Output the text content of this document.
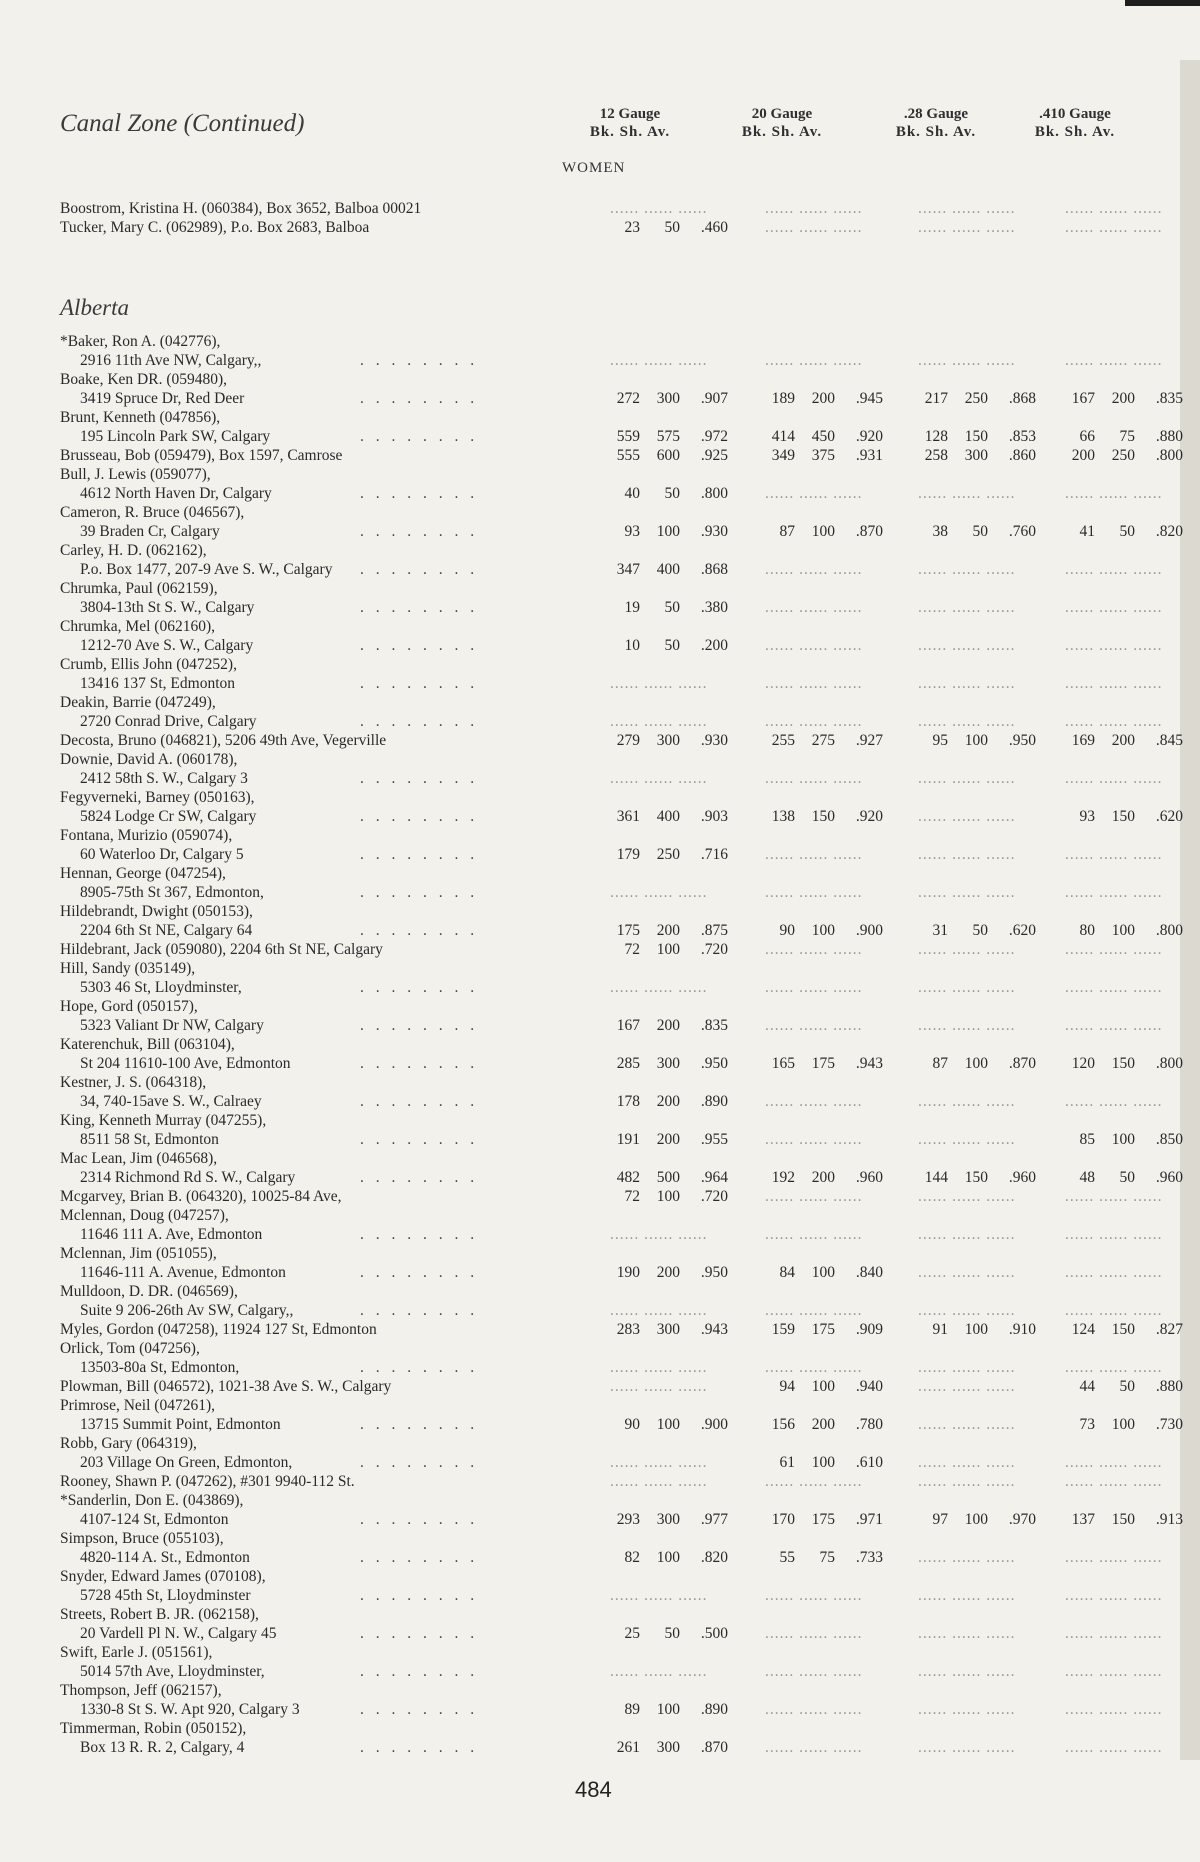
Canal Zone (Continued)	12 Gauge
Bk. Sh. Av.
20 Gauge
Bk. Sh. Av.
.28 Gauge
Bk. Sh. Av.
.410 Gauge
Bk. Sh. Av.
WOMEN
Boostrom, Kristina H. (060384), Box 3652, Balboa 00021	...... ...... ......	...... ...... ......	...... ...... ......	...... ...... ......
Tucker, Mary C. (062989), P.o. Box 2683, Balboa	23 50 .460	...... ...... ......	...... ...... ......	...... ...... ......
Alberta
*Baker, Ron A. (042776),
2916 11th Ave NW, Calgary,,	. . . . . . . .	...... ...... ......	...... ...... ......	...... ...... ......	...... ...... ......
Boake, Ken DR. (059480),
3419 Spruce Dr, Red Deer	. . . . . . . .	272 300 .907	189 200 .945	217 250 .868	167 200 .835
Brunt, Kenneth (047856),
195 Lincoln Park SW, Calgary	. . . . . . . .	559 575 .972	414 450 .920	128 150 .853	66 75 .880
Brusseau, Bob (059479), Box 1597, Camrose	555 600 .925	349 375 .931	258 300 .860	200 250 .800
Bull, J. Lewis (059077),
4612 North Haven Dr, Calgary	. . . . . . . .	40 50 .800	...... ...... ......	...... ...... ......	...... ...... ......
Cameron, R. Bruce (046567),
39 Braden Cr, Calgary	. . . . . . . .	93 100 .930	87 100 .870	38 50 .760	41 50 .820
Carley, H. D. (062162),
P.o. Box 1477, 207-9 Ave S. W., Calgary . . . . . . . .	347 400 .868	...... ...... ......	...... ...... ......	...... ...... ......
Chrumka, Paul (062159),
3804-13th St S. W., Calgary	. . . . . . . .	19 50 .380	...... ...... ......	...... ...... ......	...... ...... ......
Chrumka, Mel (062160),
1212-70 Ave S. W., Calgary	. . . . . . . .	10 50 .200	...... ...... ......	...... ...... ......	...... ...... ......
Crumb, Ellis John (047252),
13416 137 St, Edmonton	. . . . . . . .	...... ...... ......	...... ...... ......	...... ...... ......	...... ...... ......
Deakin, Barrie (047249),
2720 Conrad Drive, Calgary	. . . . . . . .	...... ...... ......	...... ...... ......	...... ...... ......	...... ...... ......
Decosta, Bruno (046821), 5206 49th Ave, Vegerville	279 300 .930	255 275 .927	95 100 .950	169 200 .845
Downie, David A. (060178),
2412 58th S. W., Calgary 3	. . . . . . . .	...... ...... ......	...... ...... ......	...... ...... ......	...... ...... ......
Fegyverneki, Barney (050163),
5824 Lodge Cr SW, Calgary	. . . . . . . .	361 400 .903	138 150 .920	...... ...... ......	93 150 .620
Fontana, Murizio (059074),
60 Waterloo Dr, Calgary 5	. . . . . . . .	179 250 .716	...... ...... ......	...... ...... ......	...... ...... ......
Hennan, George (047254),
8905-75th St 367, Edmonton,	. . . . . . . .	...... ...... ......	...... ...... ......	...... ...... ......	...... ...... ......
Hildebrandt, Dwight (050153),
2204 6th St NE, Calgary 64	. . . . . . . .	175 200 .875	90 100 .900	31 50 .620	80 100 .800
Hildebrant, Jack (059080), 2204 6th St NE, Calgary	72 100 .720	...... ...... ......	...... ...... ......	...... ...... ......
Hill, Sandy (035149),
5303 46 St, Lloydminster,	. . . . . . . .	...... ...... ......	...... ...... ......	...... ...... ......	...... ...... ......
Hope, Gord (050157),
5323 Valiant Dr NW, Calgary	. . . . . . . .	167 200 .835	...... ...... ......	...... ...... ......	...... ...... ......
Katerenchuk, Bill (063104),
St 204 11610-100 Ave, Edmonton	. . . . . . . .	285 300 .950	165 175 .943	87 100 .870	120 150 .800
Kestner, J. S. (064318),
34, 740-15ave S. W., Calraey	. . . . . . . .	178 200 .890	...... ...... ......	...... ...... ......	...... ...... ......
King, Kenneth Murray (047255),
8511 58 St, Edmonton	. . . . . . . .	191 200 .955	...... ...... ......	...... ...... ......	85 100 .850
Mac Lean, Jim (046568),
2314 Richmond Rd S. W., Calgary	. . . . . . . .	482 500 .964	192 200 .960	144 150 .960	48 50 .960
Mcgarvey, Brian B. (064320), 10025-84 Ave,	72 100 .720	...... ...... ......	...... ...... ......	...... ...... ......
Mclennan, Doug (047257),
11646 111 A. Ave, Edmonton	. . . . . . . .	...... ...... ......	...... ...... ......	...... ...... ......	...... ...... ......
Mclennan, Jim (051055),
11646-111 A. Avenue, Edmonton	. . . . . . . .	190 200 .950	84 100 .840	...... ...... ......	...... ...... ......
Mulldoon, D. DR. (046569),
Suite 9 206-26th Av SW, Calgary,,	. . . . . . . .	...... ...... ......	...... ...... ......	...... ...... ......	...... ...... ......
Myles, Gordon (047258), 11924 127 St, Edmonton	283 300 .943	159 175 .909	91 100 .910	124 150 .827
Orlick, Tom (047256),
13503-80a St, Edmonton,	. . . . . . . .	...... ...... ......	...... ...... ......	...... ...... ......	...... ...... ......
Plowman, Bill (046572), 1021-38 Ave S. W., Calgary	...... ...... ......	94 100 .940	...... ...... ......	44 50 .880
Primrose, Neil (047261),
13715 Summit Point, Edmonton	. . . . . . . .	90 100 .900	156 200 .780	...... ...... ......	73 100 .730
Robb, Gary (064319),
203 Village On Green, Edmonton,	. . . . . . . .	...... ...... ......	61 100 .610	...... ...... ......	...... ...... ......
Rooney, Shawn P. (047262), #301 9940-112 St.	...... ...... ......	...... ...... ......	...... ...... ......	...... ...... ......
*Sanderlin, Don E. (043869),
4107-124 St, Edmonton	. . . . . . . .	293 300 .977	170 175 .971	97 100 .970	137 150 .913
Simpson, Bruce (055103),
4820-114 A. St., Edmonton	. . . . . . . .	82 100 .820	55 75 .733	...... ...... ......	...... ...... ......
Snyder, Edward James (070108),
5728 45th St, Lloydminster	. . . . . . . .	...... ...... ......	...... ...... ......	...... ...... ......	...... ...... ......
Streets, Robert B. JR. (062158),
20 Vardell Pl N. W., Calgary 45	. . . . . . . .	25 50 .500	...... ...... ......	...... ...... ......	...... ...... ......
Swift, Earle J. (051561),
5014 57th Ave, Lloydminster,	. . . . . . . .	...... ...... ......	...... ...... ......	...... ...... ......	...... ...... ......
Thompson, Jeff (062157),
1330-8 St S. W. Apt 920, Calgary 3	. . . . . . . .	89 100 .890	...... ...... ......	...... ...... ......	...... ...... ......
Timmerman, Robin (050152),
Box 13 R. R. 2, Calgary, 4	. . . . . . . .	261 300 .870	...... ...... ......	...... ...... ......	...... ...... ......
484
